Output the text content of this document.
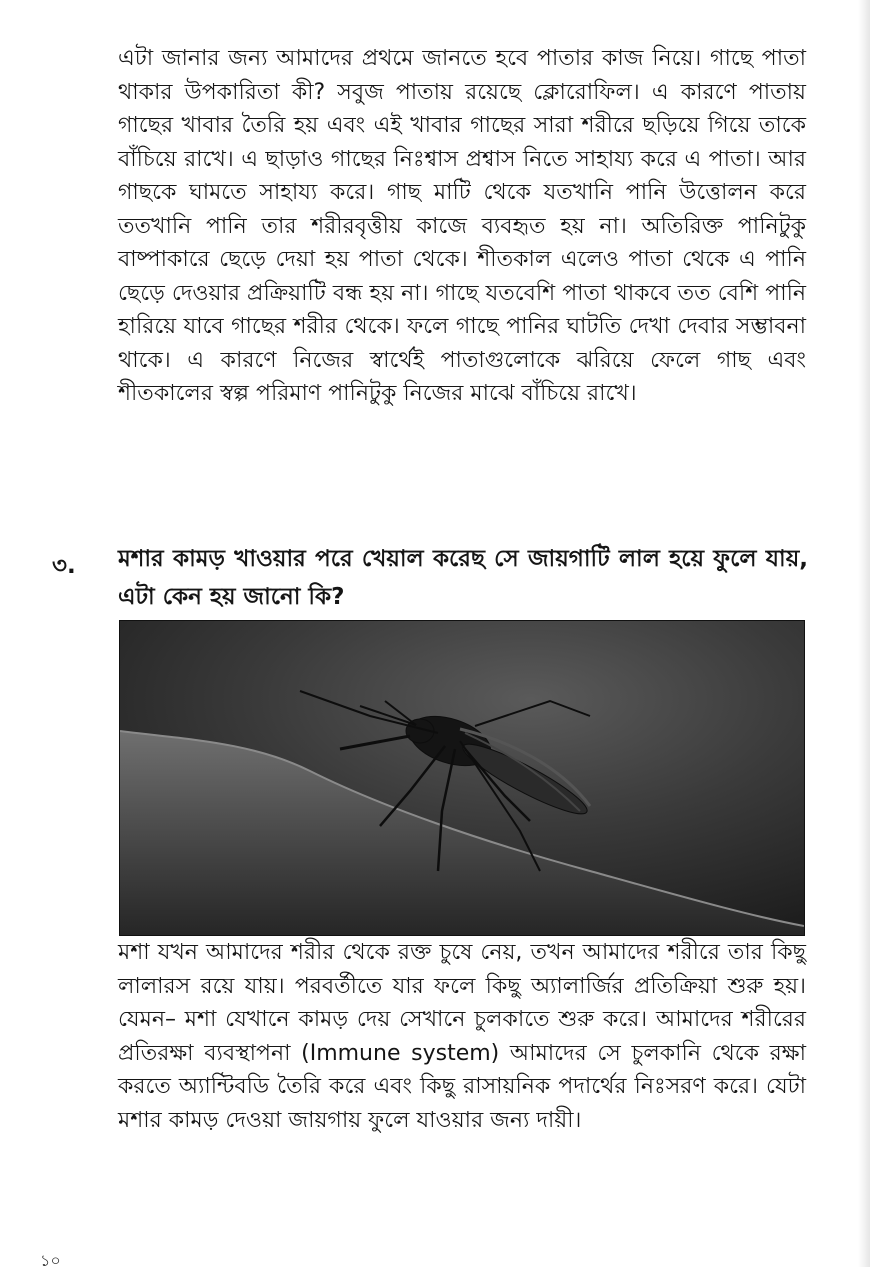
এটা জানার জন্য আমাদের প্রথমে জানতে হবে পাতার কাজ নিয়ে। গাছে পাতা থাকার উপকারিতা কী? সবুজ পাতায় রয়েছে ক্লোরোফিল। এ কারণে পাতায় গাছের খাবার তৈরি হয় এবং এই খাবার গাছের সারা শরীরে ছড়িয়ে গিয়ে তাকে বাঁচিয়ে রাখে। এ ছাড়াও গাছের নিঃশ্বাস প্রশ্বাস নিতে সাহায্য করে এ পাতা। আর গাছকে ঘামতে সাহায্য করে। গাছ মাটি থেকে যতখানি পানি উত্তোলন করে ততখানি পানি তার শরীরবৃত্তীয় কাজে ব্যবহৃত হয় না। অতিরিক্ত পানিটুকু বাষ্পাকারে ছেড়ে দেয়া হয় পাতা থেকে। শীতকাল এলেও পাতা থেকে এ পানি ছেড়ে দেওয়ার প্রক্রিয়াটি বন্ধ হয় না। গাছে যতবেশি পাতা থাকবে তত বেশি পানি হারিয়ে যাবে গাছের শরীর থেকে। ফলে গাছে পানির ঘাটতি দেখা দেবার সম্ভাবনা থাকে। এ কারণে নিজের স্বার্থেই পাতাগুলোকে ঝরিয়ে ফেলে গাছ এবং শীতকালের স্বল্প পরিমাণ পানিটুকু নিজের মাঝে বাঁচিয়ে রাখে।

৩. মশার কামড় খাওয়ার পরে খেয়াল করেছ সে জায়গাটি লাল হয়ে ফুলে যায়, এটা কেন হয় জানো কি?

মশা যখন আমাদের শরীর থেকে রক্ত চুষে নেয়, তখন আমাদের শরীরে তার কিছু লালারস রয়ে যায়। পরবর্তীতে যার ফলে কিছু অ্যালার্জির প্রতিক্রিয়া শুরু হয়। যেমন– মশা যেখানে কামড় দেয় সেখানে চুলকাতে শুরু করে। আমাদের শরীরের প্রতিরক্ষা ব্যবস্থাপনা (Immune system) আমাদের সে চুলকানি থেকে রক্ষা করতে অ্যান্টিবডি তৈরি করে এবং কিছু রাসায়নিক পদার্থের নিঃসরণ করে। যেটা মশার কামড় দেওয়া জায়গায় ফুলে যাওয়ার জন্য দায়ী।

১০
